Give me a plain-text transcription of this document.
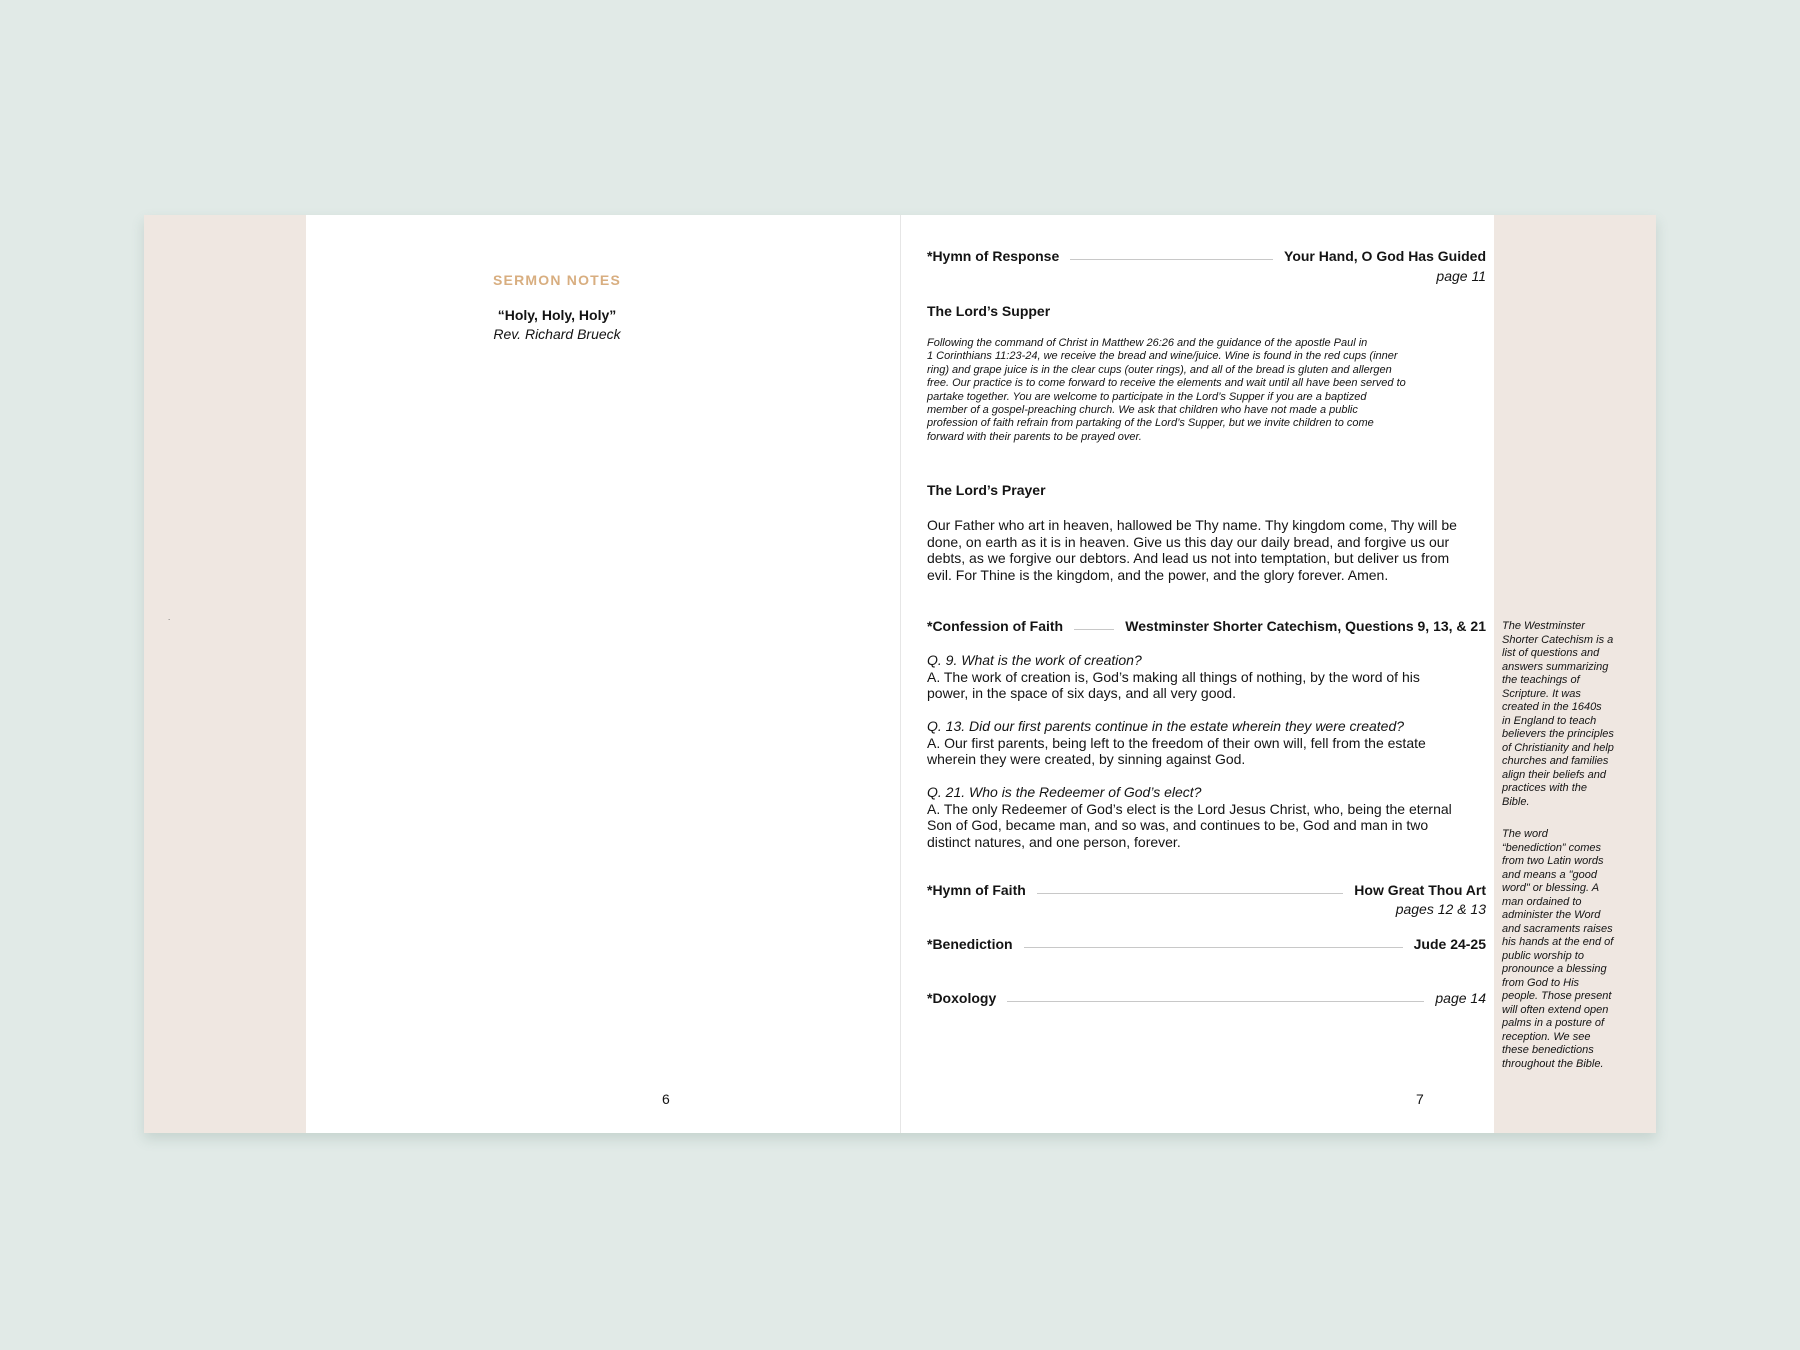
.
SERMON NOTES
“Holy, Holy, Holy”
Rev. Richard Brueck
6
*Hymn of Response	Your Hand, O God Has Guided
page 11
The Lord’s Supper
Following the command of Christ in Matthew 26:26 and the guidance of the apostle Paul in
1 Corinthians 11:23-24, we receive the bread and wine/juice. Wine is found in the red cups (inner
ring) and grape juice is in the clear cups (outer rings), and all of the bread is gluten and allergen
free. Our practice is to come forward to receive the elements and wait until all have been served to
partake together. You are welcome to participate in the Lord’s Supper if you are a baptized
member of a gospel-preaching church. We ask that children who have not made a public
profession of faith refrain from partaking of the Lord’s Supper, but we invite children to come
forward with their parents to be prayed over.
The Lord’s Prayer
Our Father who art in heaven, hallowed be Thy name. Thy kingdom come, Thy will be
done, on earth as it is in heaven. Give us this day our daily bread, and forgive us our
debts, as we forgive our debtors. And lead us not into temptation, but deliver us from
evil. For Thine is the kingdom, and the power, and the glory forever. Amen.
*Confession of Faith	Westminster Shorter Catechism, Questions 9, 13, & 21
Q. 9. What is the work of creation?
A. The work of creation is, God’s making all things of nothing, by the word of his
power, in the space of six days, and all very good.
Q. 13. Did our first parents continue in the estate wherein they were created?
A. Our first parents, being left to the freedom of their own will, fell from the estate
wherein they were created, by sinning against God.
Q. 21. Who is the Redeemer of God’s elect?
A. The only Redeemer of God’s elect is the Lord Jesus Christ, who, being the eternal
Son of God, became man, and so was, and continues to be, God and man in two
distinct natures, and one person, forever.
*Hymn of Faith	How Great Thou Art
pages 12 & 13
*Benediction	Jude 24-25
*Doxology	page 14
7
The Westminster
Shorter Catechism is a
list of questions and
answers summarizing
the teachings of
Scripture. It was
created in the 1640s
in England to teach
believers the principles
of Christianity and help
churches and families
align their beliefs and
practices with the
Bible.
The word
“benediction” comes
from two Latin words
and means a "good
word" or blessing. A
man ordained to
administer the Word
and sacraments raises
his hands at the end of
public worship to
pronounce a blessing
from God to His
people. Those present
will often extend open
palms in a posture of
reception. We see
these benedictions
throughout the Bible.
